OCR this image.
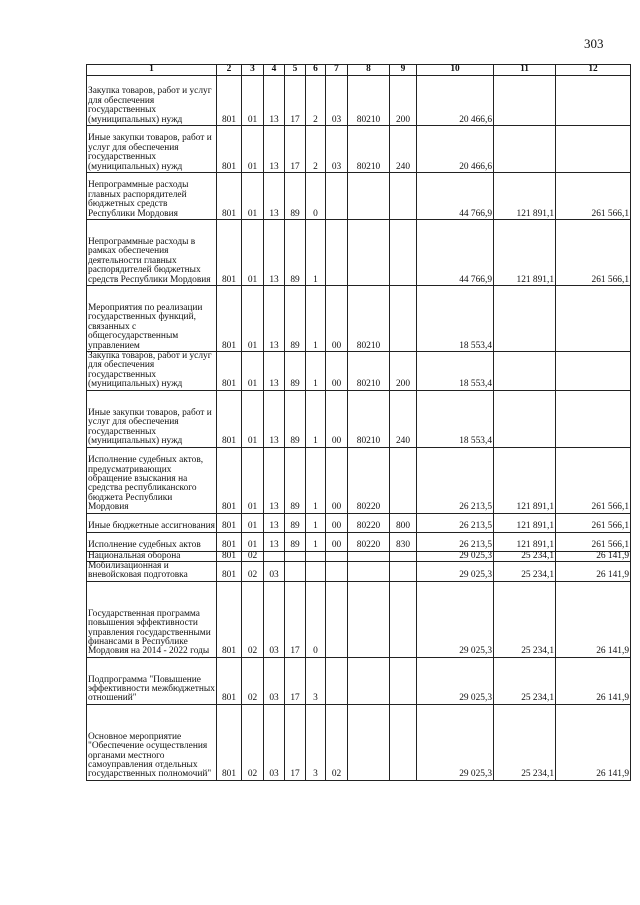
303
1	2	3	4	5	6	7	8	9	10	11	12
Закупка товаров, работ и услуг для обеспечения государственных (муниципальных) нужд	801	01	13	17	2	03	80210	200	20 466,6		
Иные закупки товаров, работ и услуг для обеспечения государственных (муниципальных) нужд	801	01	13	17	2	03	80210	240	20 466,6		
Непрограммные расходы главных распорядителей бюджетных средств Республики Мордовия	801	01	13	89	0				44 766,9	121 891,1	261 566,1
Непрограммные расходы в рамках обеспечения деятельности главных распорядителей бюджетных средств Республики Мордовия	801	01	13	89	1				44 766,9	121 891,1	261 566,1
Мероприятия по реализации государственных функций, связанных с общегосударственным управлением	801	01	13	89	1	00	80210		18 553,4		
Закупка товаров, работ и услуг для обеспечения государственных (муниципальных) нужд	801	01	13	89	1	00	80210	200	18 553,4		
Иные закупки товаров, работ и услуг для обеспечения государственных (муниципальных) нужд	801	01	13	89	1	00	80210	240	18 553,4		
Исполнение судебных актов, предусматривающих обращение взыскания на средства республиканского бюджета Республики Мордовия	801	01	13	89	1	00	80220		26 213,5	121 891,1	261 566,1
Иные бюджетные ассигнования	801	01	13	89	1	00	80220	800	26 213,5	121 891,1	261 566,1
Исполнение судебных актов	801	01	13	89	1	00	80220	830	26 213,5	121 891,1	261 566,1
Национальная оборона	801	02							29 025,3	25 234,1	26 141,9
Мобилизационная и вневойсковая подготовка	801	02	03						29 025,3	25 234,1	26 141,9
Государственная программа повышения эффективности управления государственными финансами в Республике Мордовия на 2014 - 2022 годы	801	02	03	17	0				29 025,3	25 234,1	26 141,9
Подпрограмма "Повышение эффективности межбюджетных отношений"	801	02	03	17	3				29 025,3	25 234,1	26 141,9
Основное мероприятие "Обеспечение осуществления органами местного самоуправления отдельных государственных полномочий"	801	02	03	17	3	02			29 025,3	25 234,1	26 141,9
